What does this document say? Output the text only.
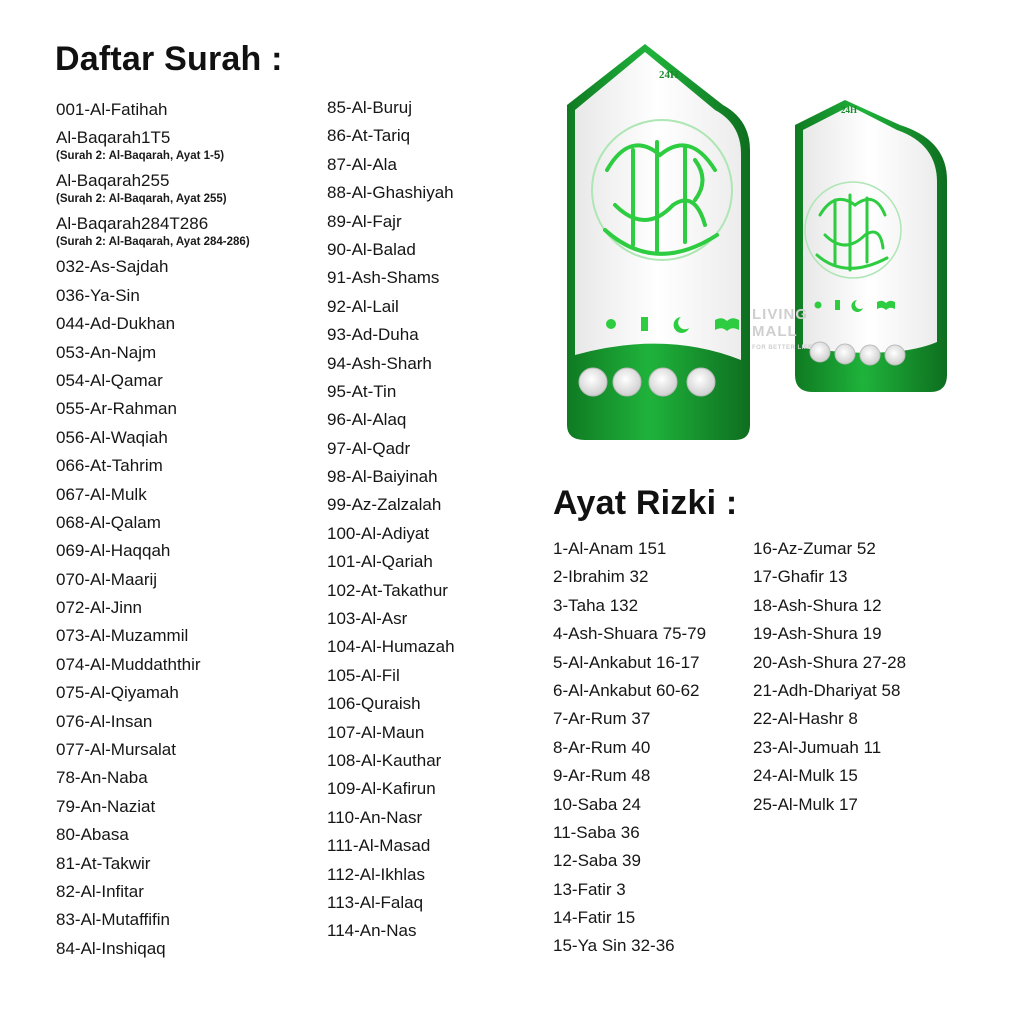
Daftar Surah :
Ayat Rizki :
001-Al-Fatihah
Al-Baqarah1T5
(Surah 2: Al-Baqarah, Ayat 1-5)
Al-Baqarah255
(Surah 2: Al-Baqarah, Ayat 255)
Al-Baqarah284T286
(Surah 2: Al-Baqarah, Ayat 284-286)
032-As-Sajdah
036-Ya-Sin
044-Ad-Dukhan
053-An-Najm
054-Al-Qamar
055-Ar-Rahman
056-Al-Waqiah
066-At-Tahrim
067-Al-Mulk
068-Al-Qalam
069-Al-Haqqah
070-Al-Maarij
072-Al-Jinn
073-Al-Muzammil
074-Al-Muddaththir
075-Al-Qiyamah
076-Al-Insan
077-Al-Mursalat
78-An-Naba
79-An-Naziat
80-Abasa
81-At-Takwir
82-Al-Infitar
83-Al-Mutaffifin
84-Al-Inshiqaq
85-Al-Buruj
86-At-Tariq
87-Al-Ala
88-Al-Ghashiyah
89-Al-Fajr
90-Al-Balad
91-Ash-Shams
92-Al-Lail
93-Ad-Duha
94-Ash-Sharh
95-At-Tin
96-Al-Alaq
97-Al-Qadr
98-Al-Baiyinah
99-Az-Zalzalah
100-Al-Adiyat
101-Al-Qariah
102-At-Takathur
103-Al-Asr
104-Al-Humazah
105-Al-Fil
106-Quraish
107-Al-Maun
108-Al-Kauthar
109-Al-Kafirun
110-An-Nasr
111-Al-Masad
112-Al-Ikhlas
113-Al-Falaq
114-An-Nas
1-Al-Anam 151
2-Ibrahim 32
3-Taha 132
4-Ash-Shuara 75-79
5-Al-Ankabut 16-17
6-Al-Ankabut 60-62
7-Ar-Rum 37
8-Ar-Rum 40
9-Ar-Rum 48
10-Saba 24
11-Saba 36
12-Saba 39
13-Fatir 3
14-Fatir 15
15-Ya Sin 32-36
16-Az-Zumar 52
17-Ghafir 13
18-Ash-Shura 12
19-Ash-Shura 19
20-Ash-Shura 27-28
21-Adh-Dhariyat 58
22-Al-Hashr 8
23-Al-Jumuah 11
24-Al-Mulk 15
25-Al-Mulk 17
24H
24H
LIVING
MALL
FOR BETTER LIFE
